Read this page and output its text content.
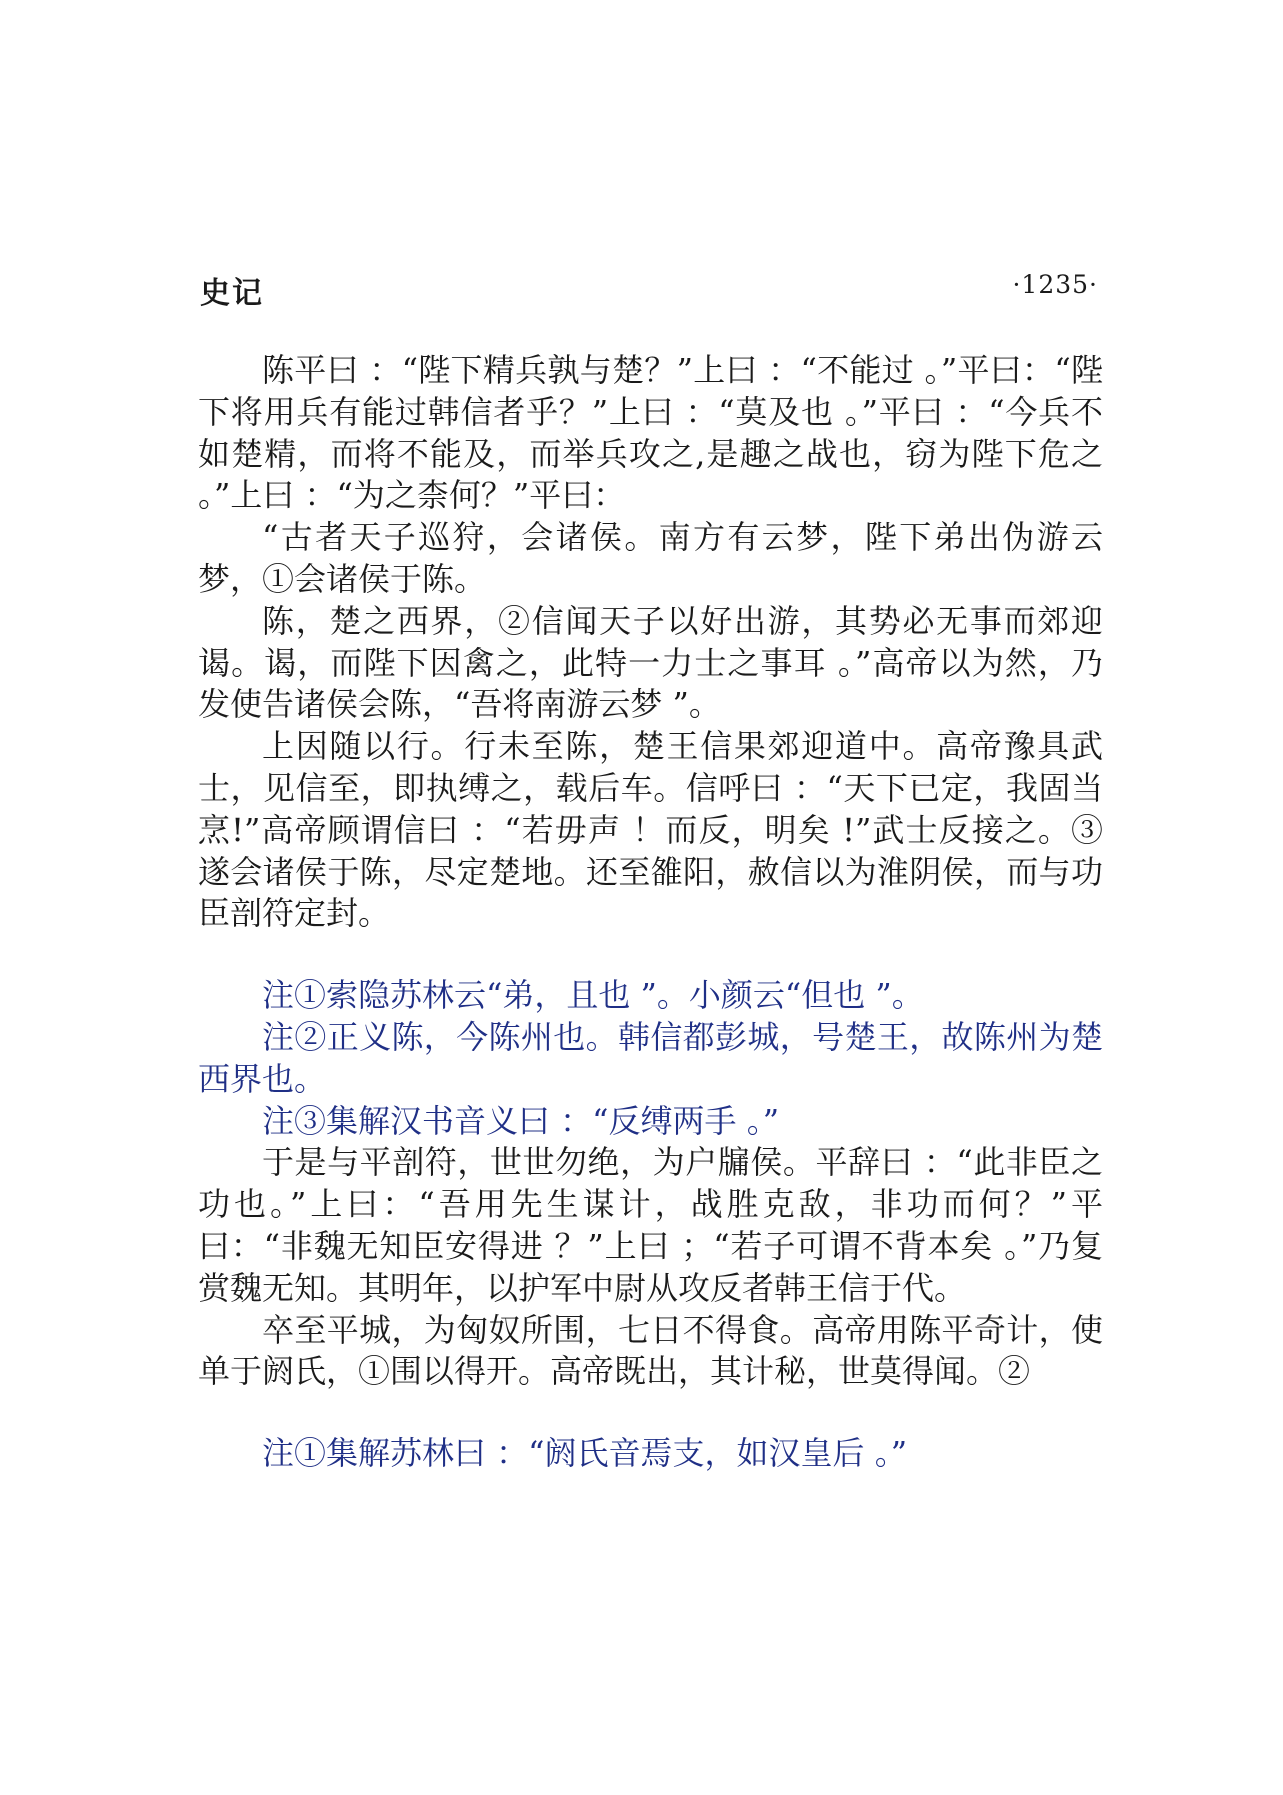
史记	·1235·

陈平曰 ：“陛下精兵孰与楚？”上曰 ：“不能过 。”平曰：“陛下将用兵有能过韩信者乎？”上曰 ：“莫及也 。”平曰 ：“今兵不如楚精，而将不能及，而举兵攻之,是趣之战也，窃为陛下危之 。”上曰 ：“为之柰何？”平曰：

“古者天子巡狩，会诸侯。南方有云梦，陛下弟出伪游云梦，①会诸侯于陈。

陈，楚之西界，②信闻天子以好出游，其势必无事而郊迎谒。谒，而陛下因禽之，此特一力士之事耳 。”高帝以为然，乃发使告诸侯会陈，“吾将南游云梦 ”。

上因随以行。行未至陈，楚王信果郊迎道中。高帝豫具武士，见信至，即执缚之，载后车。信呼曰 ：“天下已定，我固当烹!”高帝顾谓信曰 ：“若毋声 ！而反，明矣 !”武士反接之。③遂会诸侯于陈，尽定楚地。还至雒阳，赦信以为淮阴侯，而与功臣剖符定封。

注①索隐苏林云“弟，且也 ”。小颜云“但也 ”。

注②正义陈，今陈州也。韩信都彭城，号楚王，故陈州为楚西界也。

注③集解汉书音义曰 ：“反缚两手 。”

于是与平剖符，世世勿绝，为户牖侯。平辞曰 ：“此非臣之功也。”上曰：“吾用先生谋计，战胜克敌，非功而何？”平曰：“非魏无知臣安得进 ？”上曰 ；“若子可谓不背本矣 。”乃复赏魏无知。其明年，以护军中尉从攻反者韩王信于代。

卒至平城，为匈奴所围，七日不得食。高帝用陈平奇计，使单于阏氏，①围以得开。高帝既出，其计秘，世莫得闻。②

注①集解苏林曰 ：“阏氏音焉支，如汉皇后 。”
